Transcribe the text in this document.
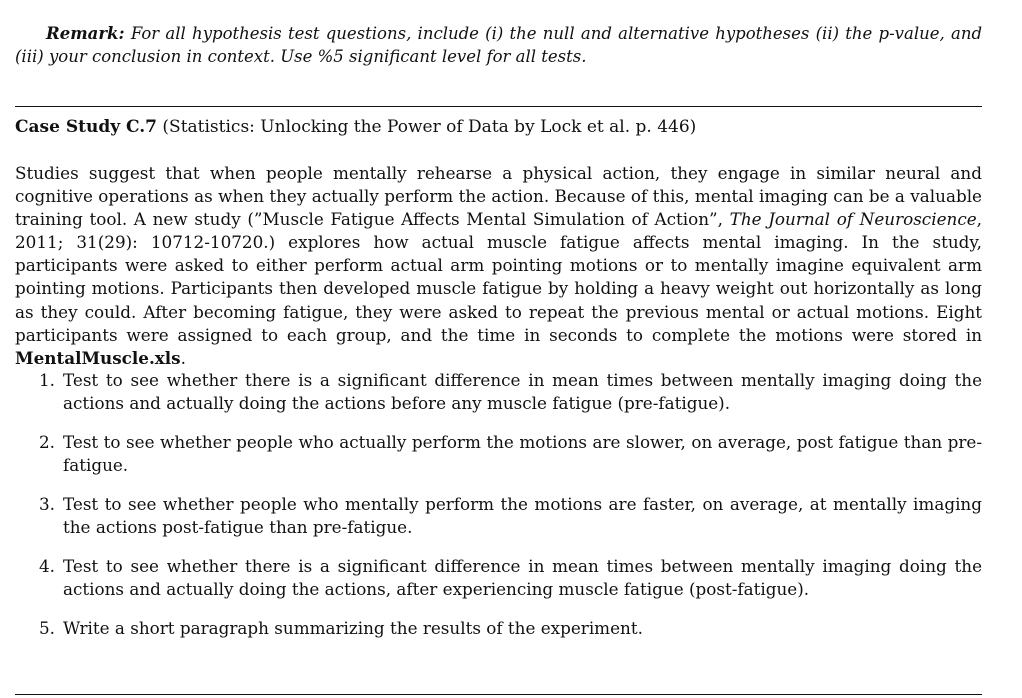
Remark: For all hypothesis test questions, include (i) the null and alternative hypotheses (ii) the p-value, and (iii) your conclusion in context. Use %5 significant level for all tests.

Case Study C.7 (Statistics: Unlocking the Power of Data by Lock et al. p. 446)

Studies suggest that when people mentally rehearse a physical action, they engage in similar neural and cognitive operations as when they actually perform the action. Because of this, mental imaging can be a valuable training tool. A new study (”Muscle Fatigue Affects Mental Simulation of Action”, The Journal of Neuroscience, 2011; 31(29): 10712-10720.) explores how actual muscle fatigue affects mental imaging. In the study, participants were asked to either perform actual arm pointing motions or to mentally imagine equivalent arm pointing motions. Participants then developed muscle fatigue by holding a heavy weight out horizontally as long as they could. After becoming fatigue, they were asked to repeat the previous mental or actual motions. Eight participants were assigned to each group, and the time in seconds to complete the motions were stored in MentalMuscle.xls.

1. Test to see whether there is a significant difference in mean times between mentally imaging doing the actions and actually doing the actions before any muscle fatigue (pre-fatigue).
2. Test to see whether people who actually perform the motions are slower, on average, post fatigue than pre-fatigue.
3. Test to see whether people who mentally perform the motions are faster, on average, at mentally imaging the actions post-fatigue than pre-fatigue.
4. Test to see whether there is a significant difference in mean times between mentally imaging doing the actions and actually doing the actions, after experiencing muscle fatigue (post-fatigue).
5. Write a short paragraph summarizing the results of the experiment.
